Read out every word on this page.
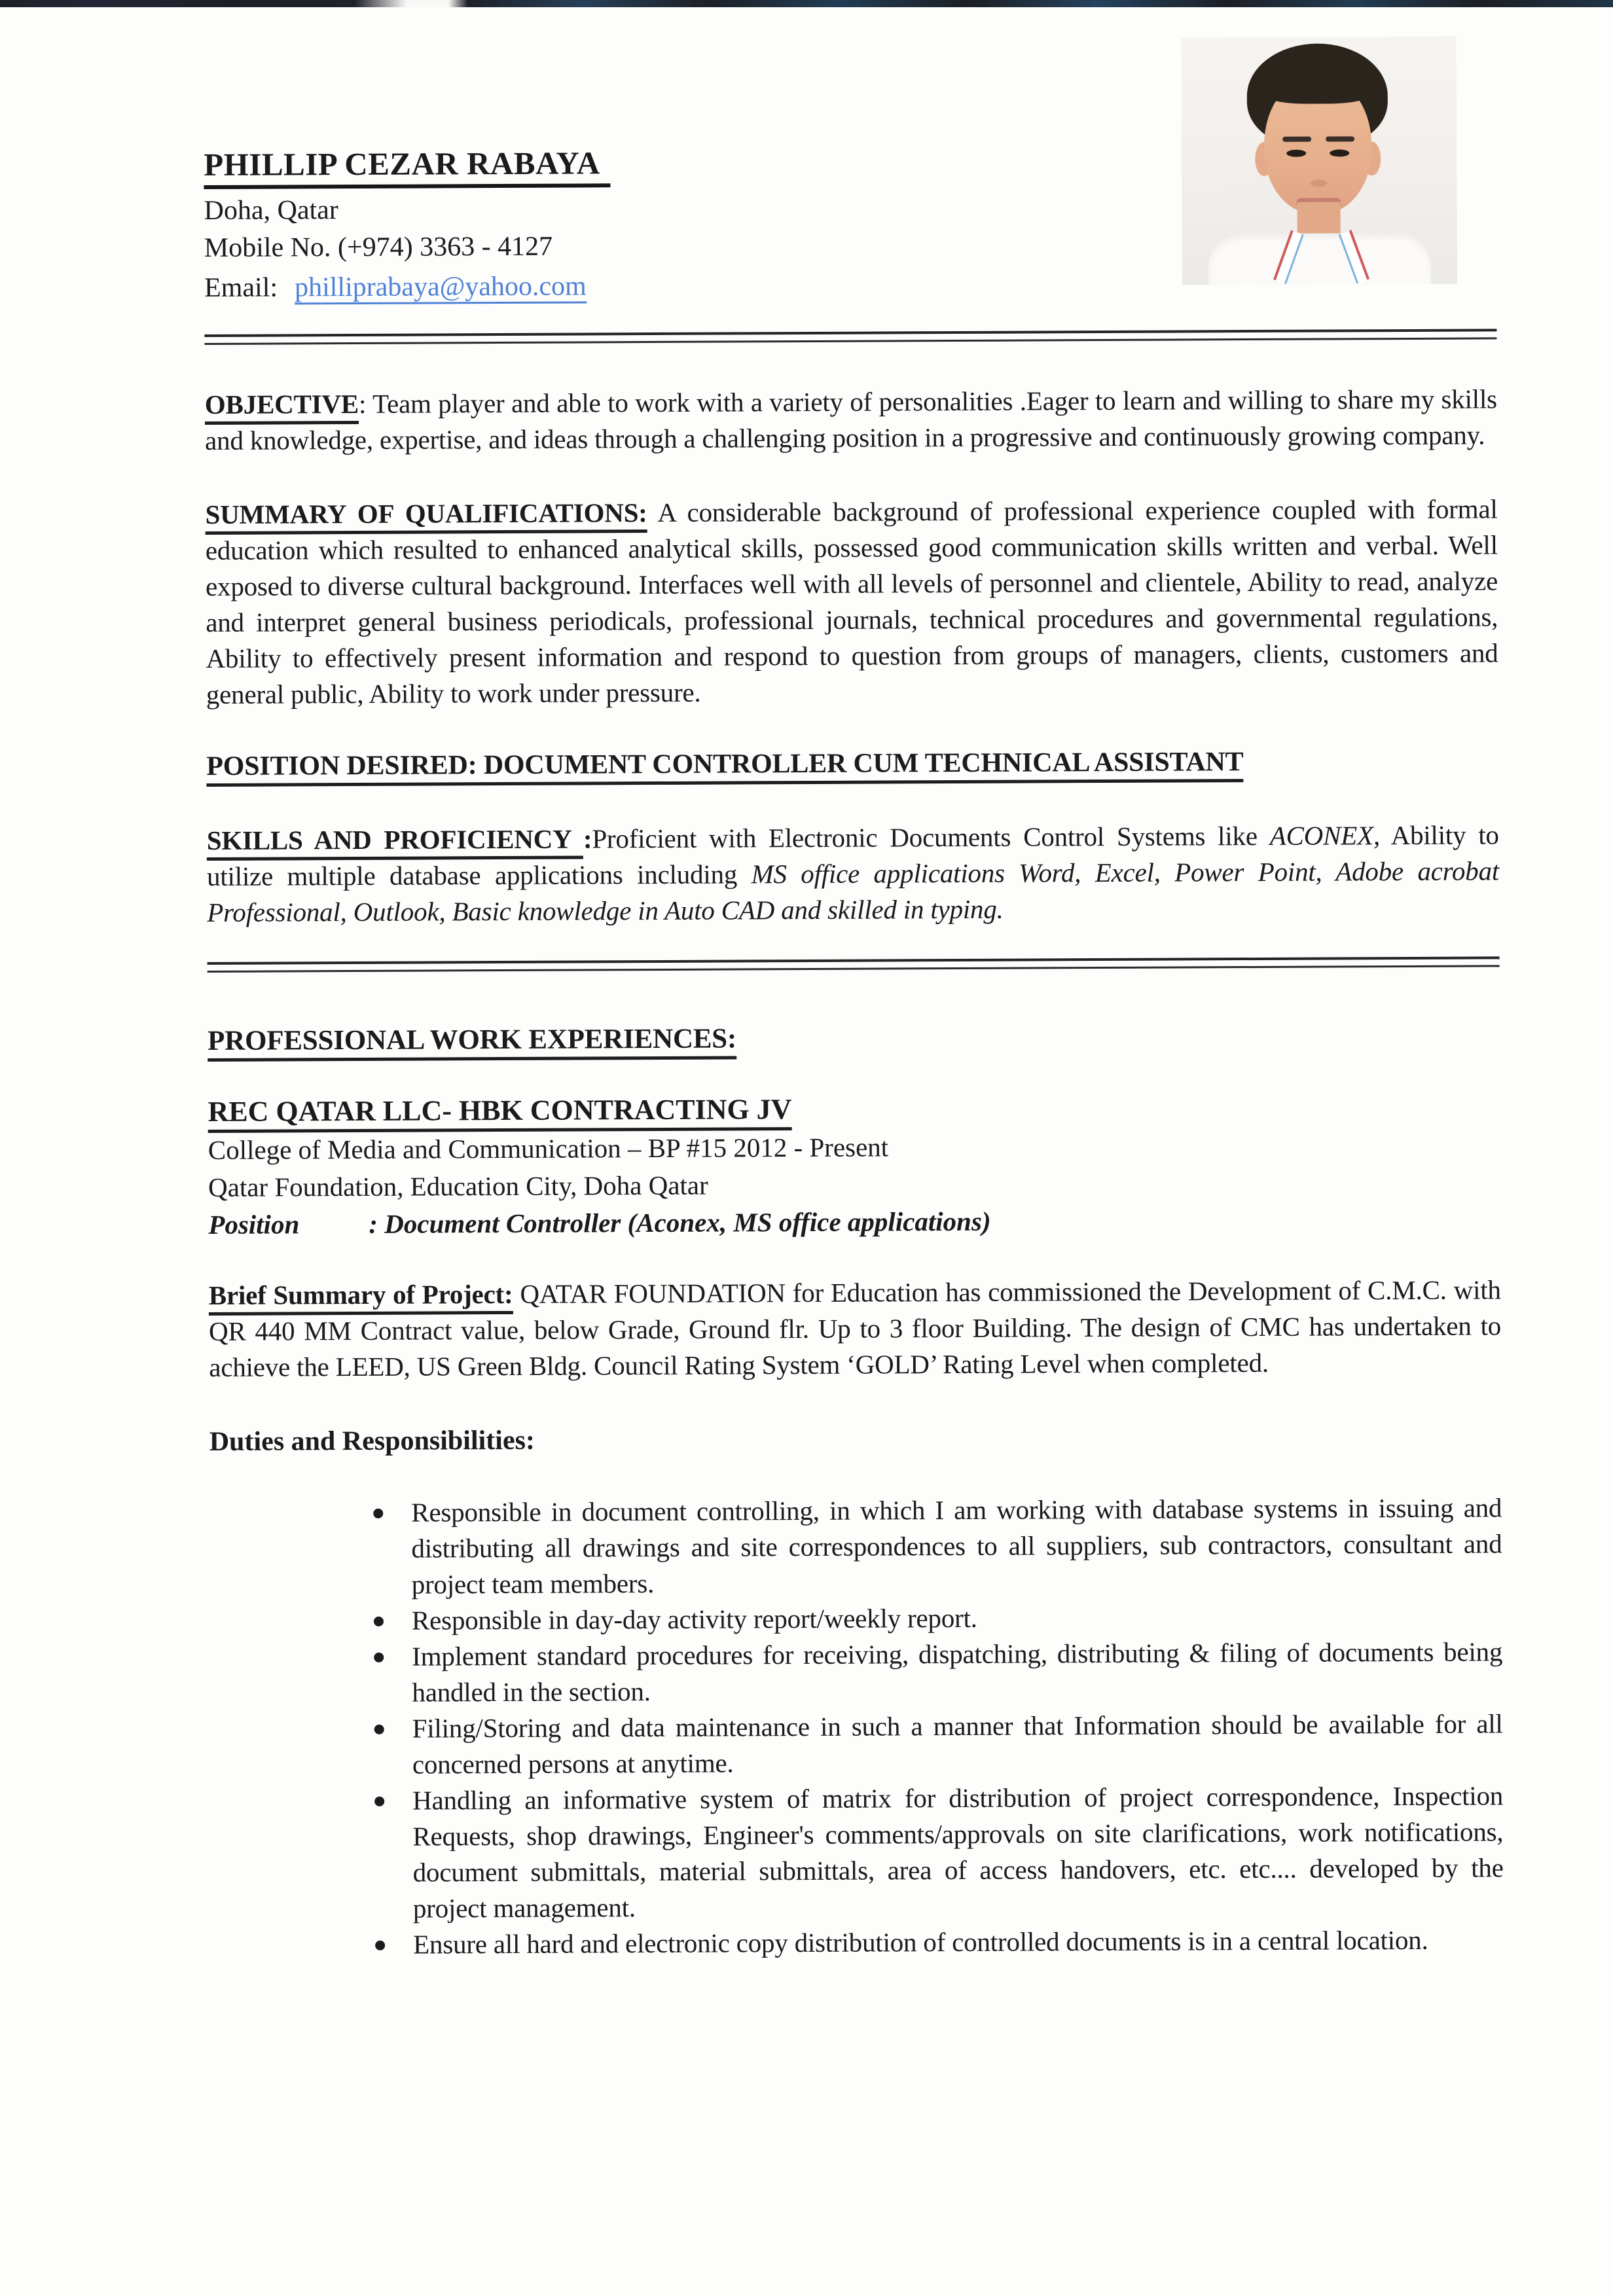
PHILLIP CEZAR RABAYA
Doha, Qatar
Mobile No. (+974) 3363 - 4127
Email: philliprabaya@yahoo.com

OBJECTIVE: Team player and able to work with a variety of personalities .Eager to learn and willing to share my skills and knowledge, expertise, and ideas through a challenging position in a progressive and continuously growing company.

SUMMARY OF QUALIFICATIONS: A considerable background of professional experience coupled with formal education which resulted to enhanced analytical skills, possessed good communication skills written and verbal. Well exposed to diverse cultural background. Interfaces well with all levels of personnel and clientele, Ability to read, analyze and interpret general business periodicals, professional journals, technical procedures and governmental regulations, Ability to effectively present information and respond to question from groups of managers, clients, customers and general public, Ability to work under pressure.

POSITION DESIRED: DOCUMENT CONTROLLER CUM TECHNICAL ASSISTANT

SKILLS AND PROFICIENCY :Proficient with Electronic Documents Control Systems like ACONEX, Ability to utilize multiple database applications including MS office applications Word, Excel, Power Point, Adobe acrobat Professional, Outlook, Basic knowledge in Auto CAD and skilled in typing.

PROFESSIONAL WORK EXPERIENCES:

REC QATAR LLC- HBK CONTRACTING JV
College of Media and Communication – BP #15 2012 - Present
Qatar Foundation, Education City, Doha Qatar
Position	: Document Controller (Aconex, MS office applications)

Brief Summary of Project: QATAR FOUNDATION for Education has commissioned the Development of C.M.C. with QR 440 MM Contract value, below Grade, Ground flr. Up to 3 floor Building. The design of CMC has undertaken to achieve the LEED, US Green Bldg. Council Rating System ‘GOLD’ Rating Level when completed.

Duties and Responsibilities:
Responsible in document controlling, in which I am working with database systems in issuing and distributing all drawings and site correspondences to all suppliers, sub contractors, consultant and project team members.
Responsible in day-day activity report/weekly report.
Implement standard procedures for receiving, dispatching, distributing & filing of documents being handled in the section.
Filing/Storing and data maintenance in such a manner that Information should be available for all concerned persons at anytime.
Handling an informative system of matrix for distribution of project correspondence, Inspection Requests, shop drawings, Engineer's comments/approvals on site clarifications, work notifications, document submittals, material submittals, area of access handovers, etc. etc.... developed by the project management.
Ensure all hard and electronic copy distribution of controlled documents is in a central location.
